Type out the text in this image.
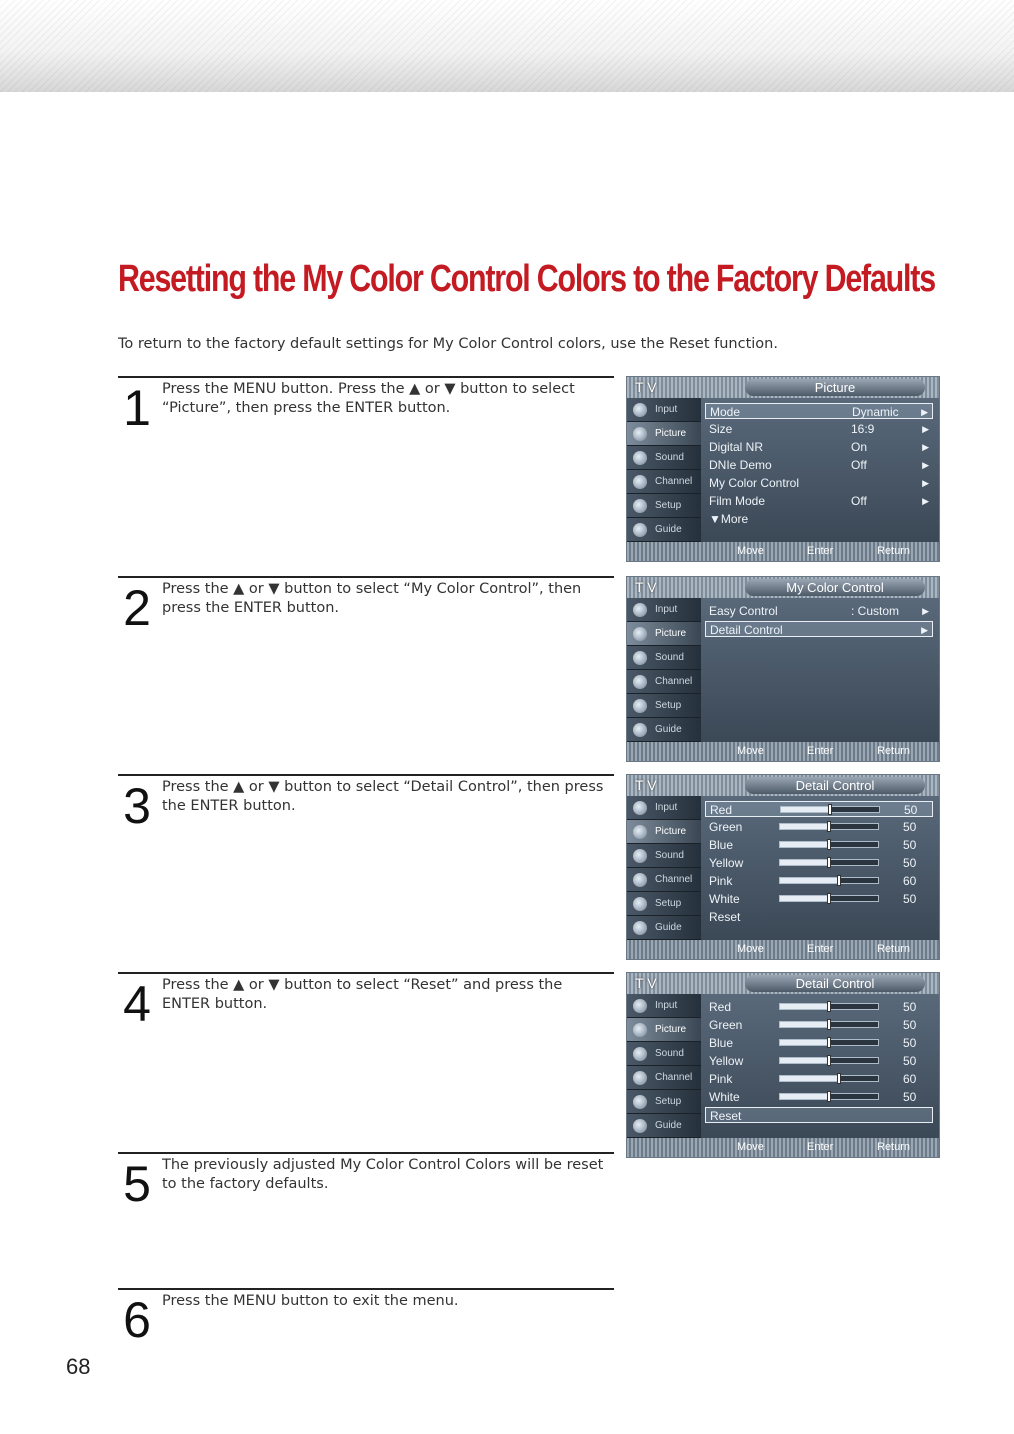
Resetting the My Color Control Colors to the Factory Defaults

To return to the factory default settings for My Color Control colors, use the Reset function.

1 Press the MENU button. Press the ▲ or ▼ button to select “Picture”, then press the ENTER button.

2 Press the ▲ or ▼ button to select “My Color Control”, then press the ENTER button.

3 Press the ▲ or ▼ button to select “Detail Control”, then press the ENTER button.

4 Press the ▲ or ▼ button to select “Reset” and press the ENTER button.

5 The previously adjusted My Color Control Colors will be reset to the factory defaults.

6 Press the MENU button to exit the menu.

T V	Picture
Input
Picture
Sound
Channel
Setup
Guide
Mode	Dynamic ▶
Size	16:9	▶
Digital NR	On	▶
DNIe Demo	Off	▶
My Color Control	▶
Film Mode	Off	▶
▼More
Move	Enter	Return
T V	My Color Control
Input
Picture
Sound
Channel
Setup
Guide
Easy Control	: Custom	▶
Detail Control	▶
Move	Enter	Return
T V	Detail Control
Input
Picture
Sound
Channel
Setup
Guide
Red	50
Green	50
Blue	50
Yellow	50
Pink	60
White	50
Reset
Move	Enter	Return
T V	Detail Control
Input
Picture
Sound
Channel
Setup
Guide
Red	50
Green	50
Blue	50
Yellow	50
Pink	60
White	50
Reset
Move	Enter	Return
68
